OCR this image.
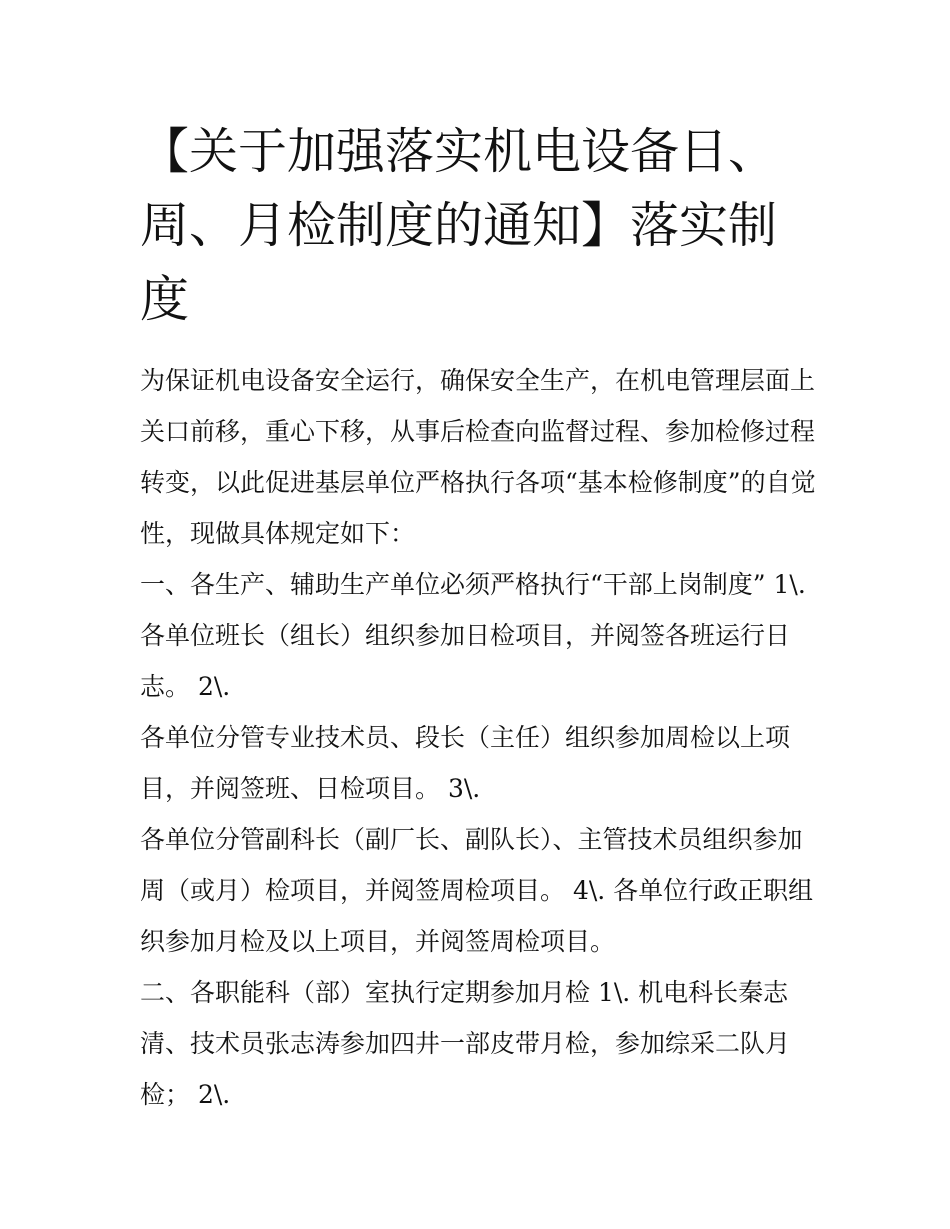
【关于加强落实机电设备日、
周、月检制度的通知】落实制
度
为保证机电设备安全运行，确保安全生产，在机电管理层面上
关口前移，重心下移，从事后检查向监督过程、参加检修过程
转变，以此促进基层单位严格执行各项“基本检修制度”的自觉
性，现做具体规定如下：
一、各生产、辅助生产单位必须严格执行“干部上岗制度” 1\.
各单位班长（组长）组织参加日检项目，并阅签各班运行日
志。 2\.
各单位分管专业技术员、段长（主任）组织参加周检以上项
目，并阅签班、日检项目。 3\.
各单位分管副科长（副厂长、副队长）、主管技术员组织参加
周（或月）检项目，并阅签周检项目。 4\. 各单位行政正职组
织参加月检及以上项目，并阅签周检项目。
二、各职能科（部）室执行定期参加月检 1\. 机电科长秦志
清、技术员张志涛参加四井一部皮带月检，参加综采二队月
检； 2\.
